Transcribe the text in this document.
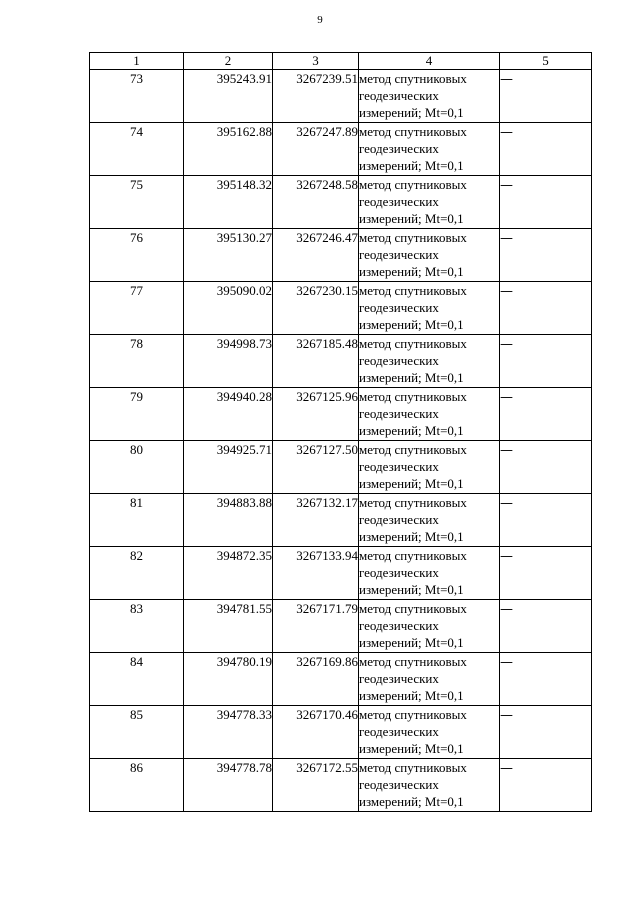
9
1	2	3	4	5
73	395243.91	3267239.51	метод спутниковых
геодезических
измерений; Mt=0,1	—
74	395162.88	3267247.89	метод спутниковых
геодезических
измерений; Mt=0,1	—
75	395148.32	3267248.58	метод спутниковых
геодезических
измерений; Mt=0,1	—
76	395130.27	3267246.47	метод спутниковых
геодезических
измерений; Mt=0,1	—
77	395090.02	3267230.15	метод спутниковых
геодезических
измерений; Mt=0,1	—
78	394998.73	3267185.48	метод спутниковых
геодезических
измерений; Mt=0,1	—
79	394940.28	3267125.96	метод спутниковых
геодезических
измерений; Mt=0,1	—
80	394925.71	3267127.50	метод спутниковых
геодезических
измерений; Mt=0,1	—
81	394883.88	3267132.17	метод спутниковых
геодезических
измерений; Mt=0,1	—
82	394872.35	3267133.94	метод спутниковых
геодезических
измерений; Mt=0,1	—
83	394781.55	3267171.79	метод спутниковых
геодезических
измерений; Mt=0,1	—
84	394780.19	3267169.86	метод спутниковых
геодезических
измерений; Mt=0,1	—
85	394778.33	3267170.46	метод спутниковых
геодезических
измерений; Mt=0,1	—
86	394778.78	3267172.55	метод спутниковых
геодезических
измерений; Mt=0,1	—
